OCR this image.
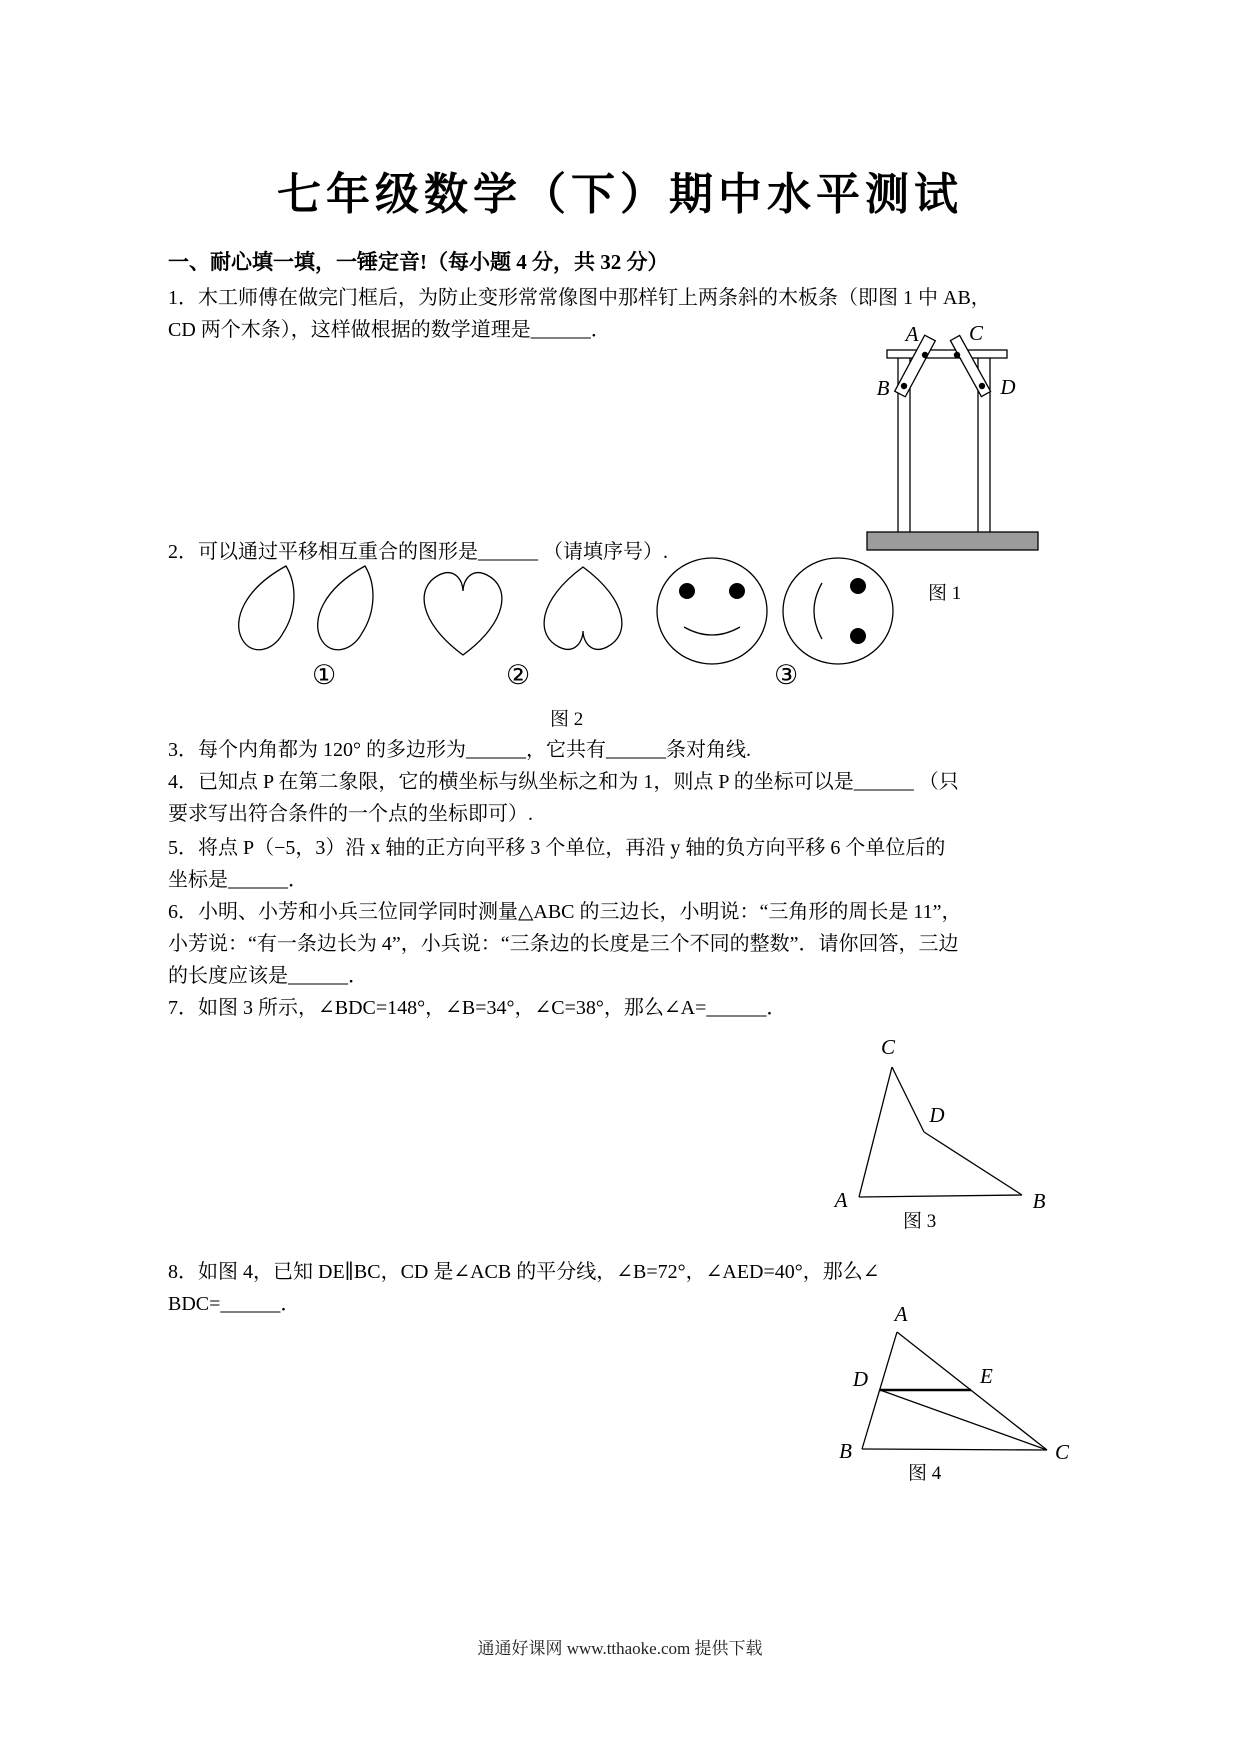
七年级数学（下）期中水平测试
一、耐心填一填，一锤定音!（每小题 4 分，共 32 分）
1．木工师傅在做完门框后，为防止变形常常像图中那样钉上两条斜的木板条（即图 1 中 AB，
CD 两个木条），这样做根据的数学道理是______．
2．可以通过平移相互重合的图形是______ （请填序号）.
3．每个内角都为 120° 的多边形为______，它共有______条对角线.
4．已知点 P 在第二象限，它的横坐标与纵坐标之和为 1，则点 P 的坐标可以是______ （只
要求写出符合条件的一个点的坐标即可）.
5．将点 P（−5，3）沿 x 轴的正方向平移 3 个单位，再沿 y 轴的负方向平移 6 个单位后的
坐标是______．
6．小明、小芳和小兵三位同学同时测量△ABC 的三边长，小明说：“三角形的周长是 11”，
小芳说：“有一条边长为 4”，小兵说：“三条边的长度是三个不同的整数”．请你回答，三边
的长度应该是______．
7．如图 3 所示，∠BDC=148°，∠B=34°，∠C=38°，那么∠A=______．
8．如图 4，已知 DE∥BC，CD 是∠ACB 的平分线，∠B=72°，∠AED=40°，那么∠
BDC=______．
A C
B	D
图 1
①	②	③
图 2
C
D
A	B
图 3
A
D	E
B	C
图 4
通通好课网 www.tthaoke.com 提供下载
